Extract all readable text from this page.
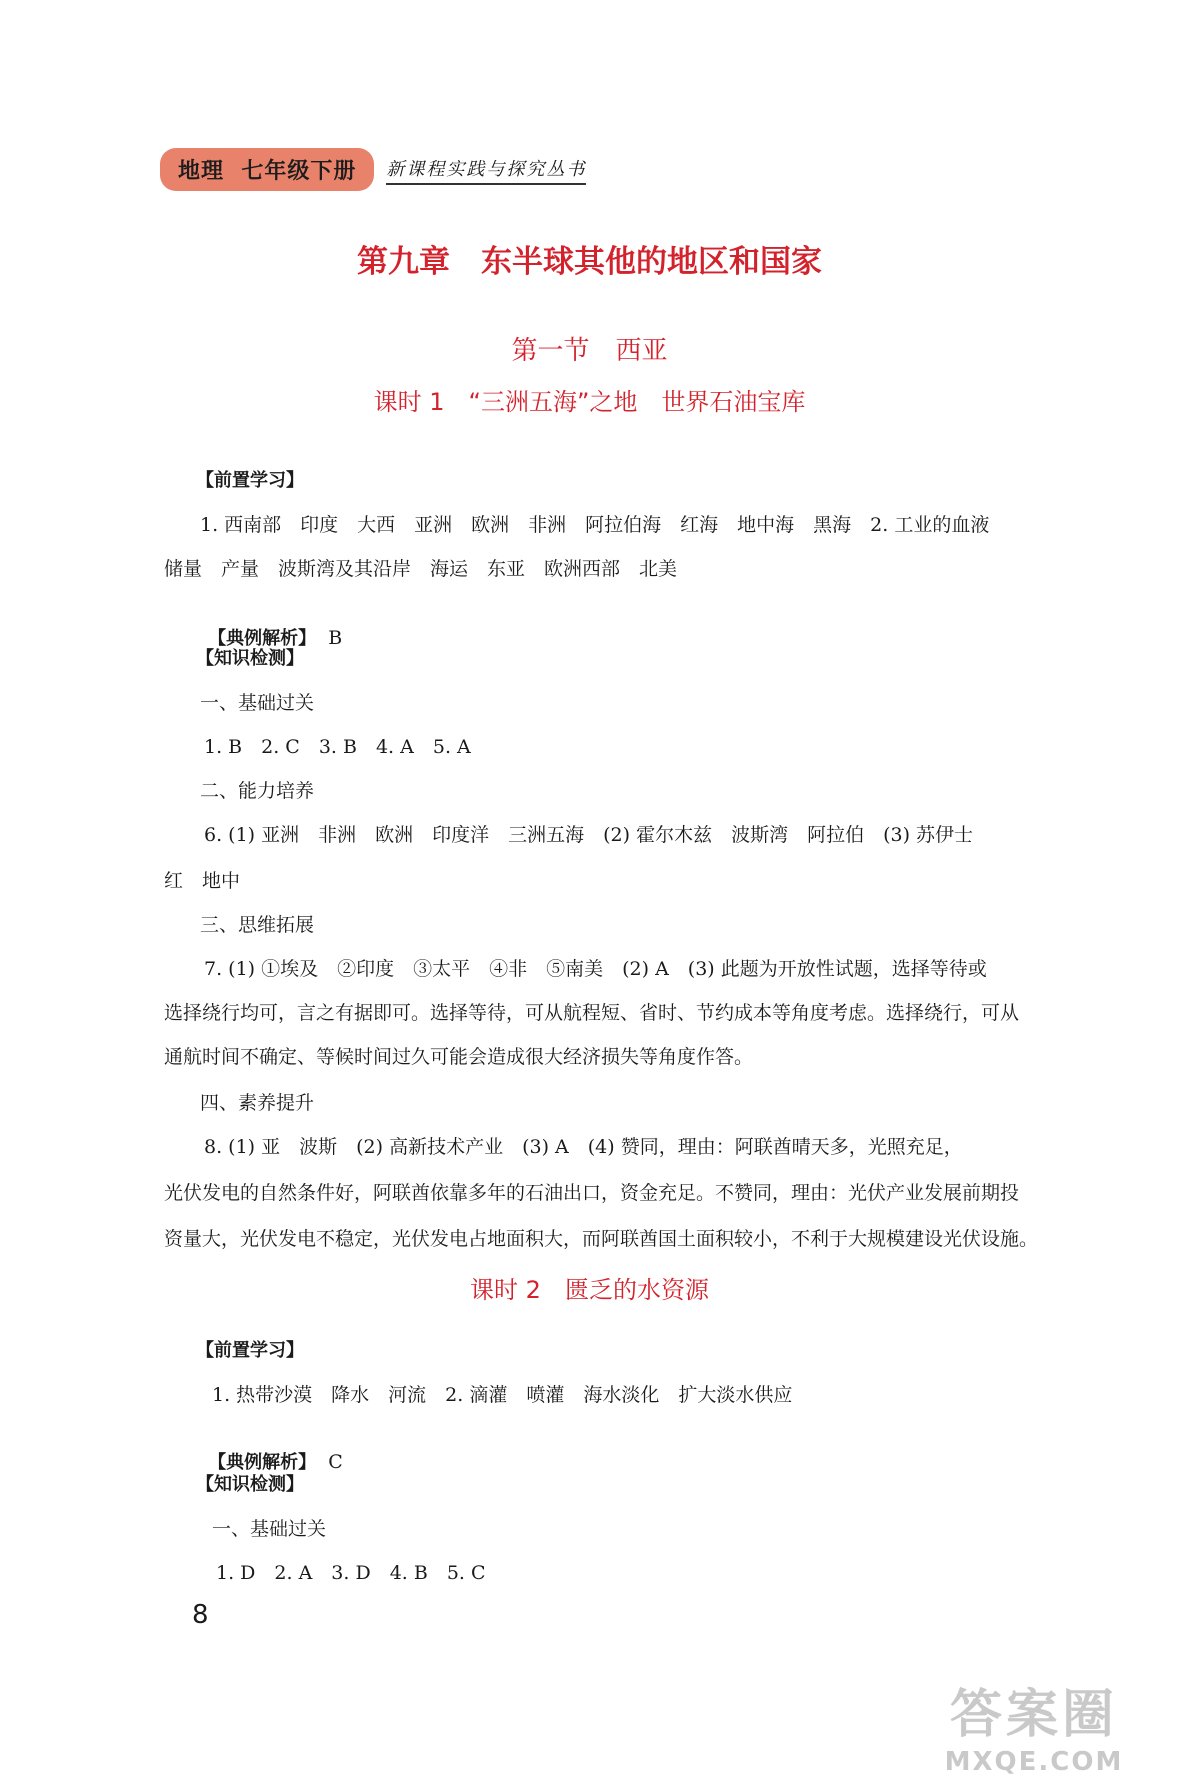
地理 七年级下册	新课程实践与探究丛书
第九章　东半球其他的地区和国家
第一节　西亚
课时 1　“三洲五海”之地　世界石油宝库
【前置学习】
1. 西南部　印度　大西　亚洲　欧洲　非洲　阿拉伯海　红海　地中海　黑海　2. 工业的血液
储量　产量　波斯湾及其沿岸　海运　东亚　欧洲西部　北美

【典例解析】 B

【知识检测】
一、基础过关
1. B　2. C　3. B　4. A　5. A
二、能力培养
6. (1) 亚洲　非洲　欧洲　印度洋　三洲五海　(2) 霍尔木兹　波斯湾　阿拉伯　(3) 苏伊士
红　地中
三、思维拓展
7. (1) ①埃及　②印度　③太平　④非　⑤南美　(2) A　(3) 此题为开放性试题，选择等待或
选择绕行均可，言之有据即可。选择等待，可从航程短、省时、节约成本等角度考虑。选择绕行，可从
通航时间不确定、等候时间过久可能会造成很大经济损失等角度作答。
四、素养提升
8. (1) 亚　波斯　(2) 高新技术产业　(3) A　(4) 赞同，理由：阿联酋晴天多，光照充足，
光伏发电的自然条件好，阿联酋依靠多年的石油出口，资金充足。不赞同，理由：光伏产业发展前期投
资量大，光伏发电不稳定，光伏发电占地面积大，而阿联酋国土面积较小，不利于大规模建设光伏设施。
课时 2　匮乏的水资源
【前置学习】
1. 热带沙漠　降水　河流　2. 滴灌　喷灌　海水淡化　扩大淡水供应

【典例解析】 C

【知识检测】
一、基础过关
1. D　2. A　3. D　4. B　5. C
8
答案圈
MXQE.COM
